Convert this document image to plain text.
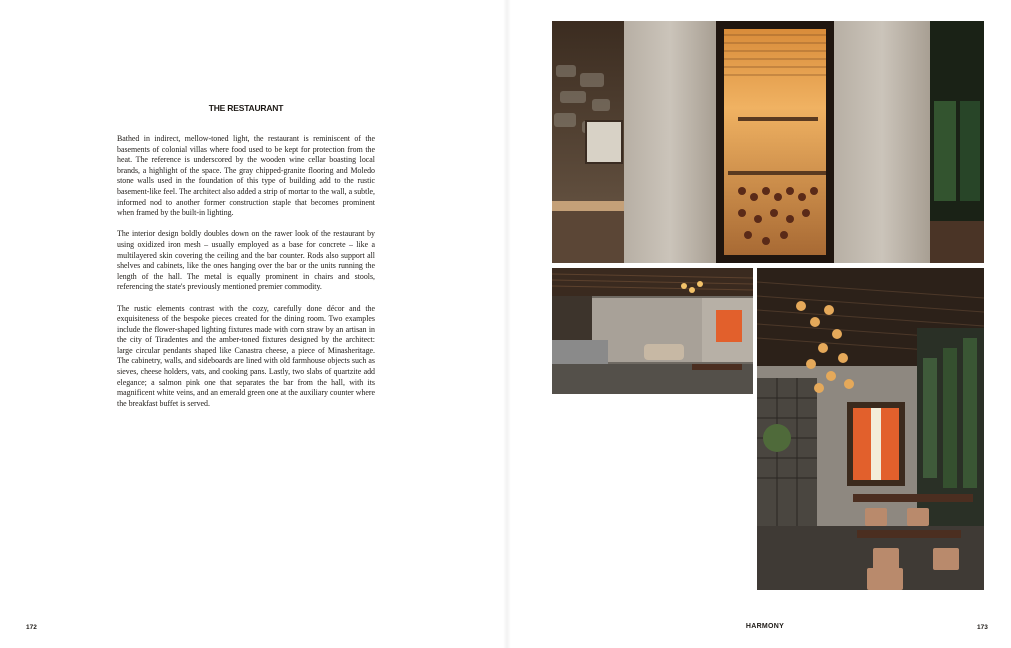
THE RESTAURANT

Bathed in indirect, mellow-toned light, the restaurant is reminiscent of the basements of colonial villas where food used to be kept for protection from the heat. The reference is underscored by the wooden wine cellar boasting local brands, a highlight of the space. The gray chipped-granite flooring and Moledo stone walls used in the foundation of this type of building add to the rustic basement-like feel. The architect also added a strip of mortar to the wall, a subtle, informed nod to another former construction staple that becomes prominent when framed by the built-in lighting.

The interior design boldly doubles down on the rawer look of the restaurant by using oxidized iron mesh – usually employed as a base for concrete – like a multilayered skin covering the ceiling and the bar counter. Rods also support all shelves and cabinets, like the ones hanging over the bar or the units running the length of the hall. The metal is equally prominent in chairs and stools, referencing the state's previously mentioned premier commodity.

The rustic elements contrast with the cozy, carefully done décor and the exquisiteness of the bespoke pieces created for the dining room. Two examples include the flower-shaped lighting fixtures made with corn straw by an artisan in the city of Tiradentes and the amber-toned fixtures designed by the architect: large circular pendants shaped like Canastra cheese, a piece of Minasheritage. The cabinetry, walls, and sideboards are lined with old farmhouse objects such as sieves, cheese holders, vats, and cooking pans. Lastly, two slabs of quartzite add elegance; a salmon pink one that separates the bar from the hall, with its magnificent white veins, and an emerald green one at the auxiliary counter where the breakfast buffet is served.

172	HARMONY	173
